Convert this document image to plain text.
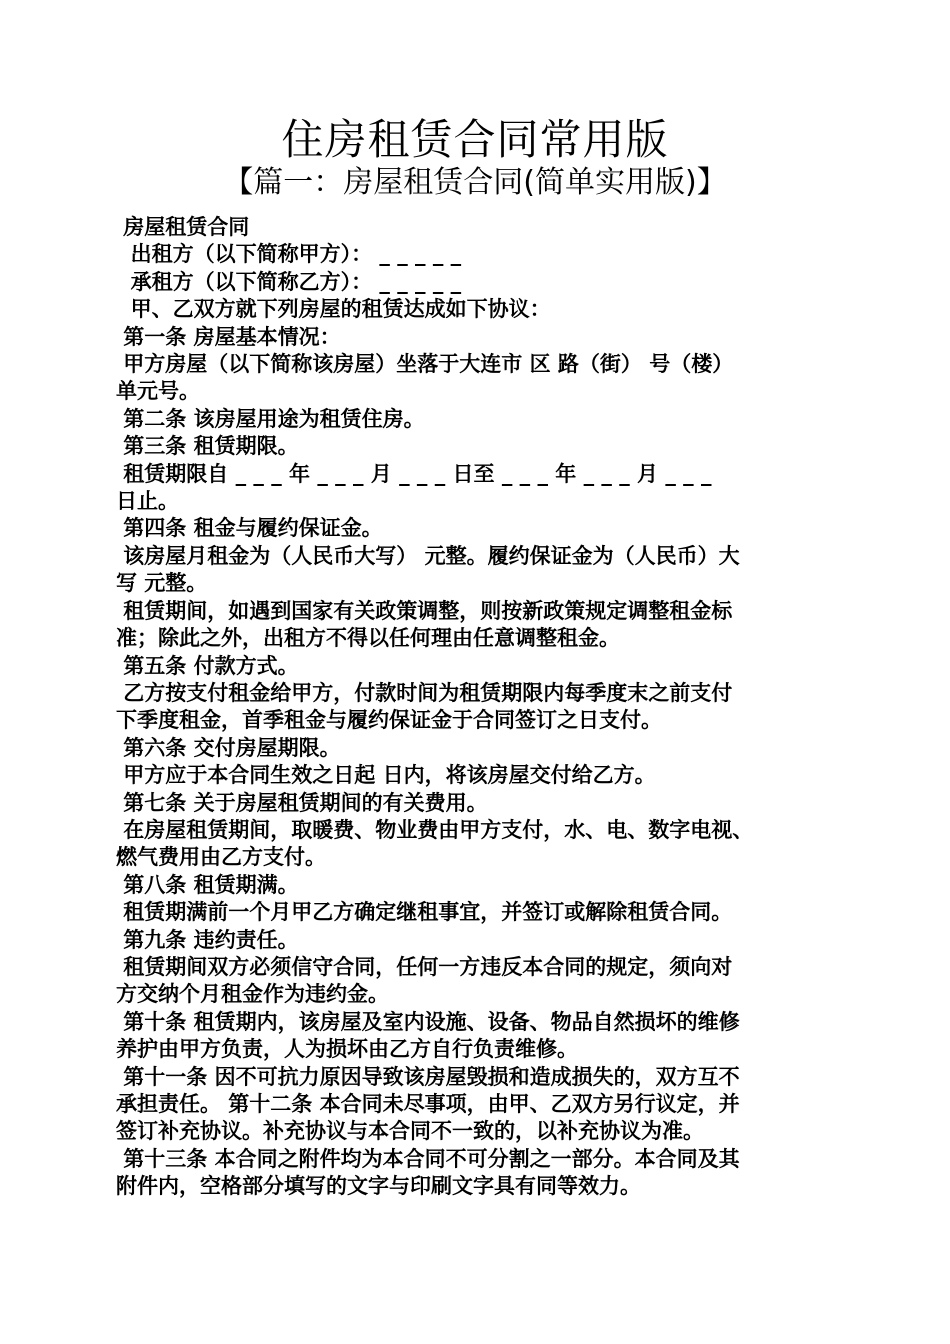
住房租赁合同常用版
【篇一：房屋租赁合同(简单实用版)】
房屋租赁合同
出租方（以下简称甲方）： _ _ _ _ _
承租方（以下简称乙方）： _ _ _ _ _
甲、乙双方就下列房屋的租赁达成如下协议：
第一条 房屋基本情况：
甲方房屋（以下简称该房屋）坐落于大连市 区 路（街） 号（楼）
单元号。
第二条 该房屋用途为租赁住房。
第三条 租赁期限。
租赁期限自 _ _ _ 年 _ _ _ 月 _ _ _ 日至 _ _ _ 年 _ _ _ 月 _ _ _
日止。
第四条 租金与履约保证金。
该房屋月租金为（人民币大写） 元整。履约保证金为（人民币）大
写 元整。
租赁期间，如遇到国家有关政策调整，则按新政策规定调整租金标
准；除此之外，出租方不得以任何理由任意调整租金。
第五条 付款方式。
乙方按支付租金给甲方，付款时间为租赁期限内每季度末之前支付
下季度租金，首季租金与履约保证金于合同签订之日支付。
第六条 交付房屋期限。
甲方应于本合同生效之日起 日内，将该房屋交付给乙方。
第七条 关于房屋租赁期间的有关费用。
在房屋租赁期间，取暖费、物业费由甲方支付，水、电、数字电视、
燃气费用由乙方支付。
第八条 租赁期满。
租赁期满前一个月甲乙方确定继租事宜，并签订或解除租赁合同。
第九条 违约责任。
租赁期间双方必须信守合同，任何一方违反本合同的规定，须向对
方交纳个月租金作为违约金。
第十条 租赁期内，该房屋及室内设施、设备、物品自然损坏的维修
养护由甲方负责，人为损坏由乙方自行负责维修。
第十一条 因不可抗力原因导致该房屋毁损和造成损失的，双方互不
承担责任。 第十二条 本合同未尽事项，由甲、乙双方另行议定，并
签订补充协议。补充协议与本合同不一致的，以补充协议为准。
第十三条 本合同之附件均为本合同不可分割之一部分。本合同及其
附件内，空格部分填写的文字与印刷文字具有同等效力。
